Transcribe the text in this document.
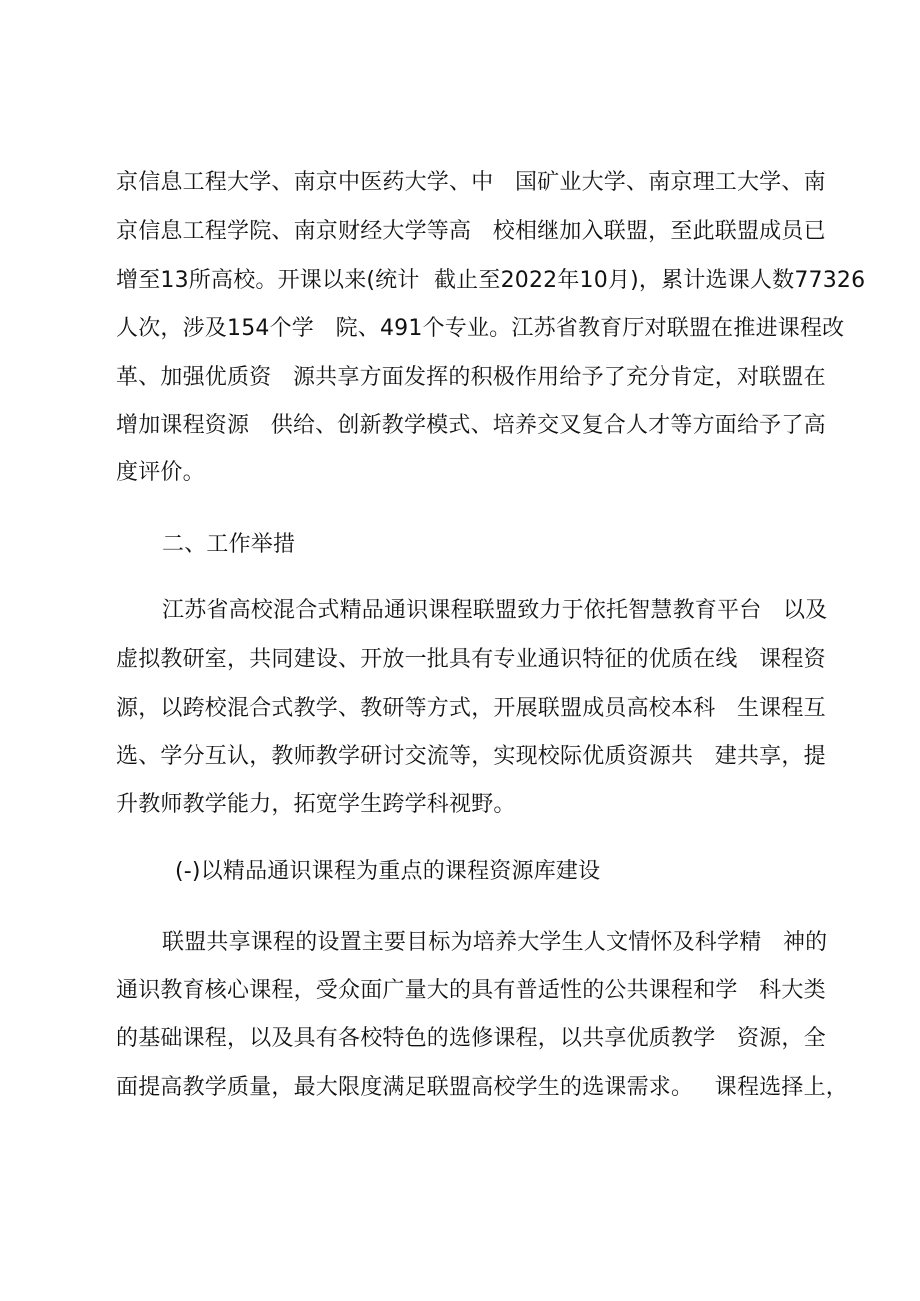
京信息工程大学、南京中医药大学、中   国矿业大学、南京理工大学、南
京信息工程学院、南京财经大学等高   校相继加入联盟，至此联盟成员已
增至13所高校。开课以来(统计  截止至2022年10月)，累计选课人数77326
人次，涉及154个学   院、491个专业。江苏省教育厅对联盟在推进课程改
革、加强优质资   源共享方面发挥的积极作用给予了充分肯定，对联盟在
增加课程资源   供给、创新教学模式、培养交叉复合人才等方面给予了高
度评价。
二、工作举措
江苏省高校混合式精品通识课程联盟致力于依托智慧教育平台   以及
虚拟教研室，共同建设、开放一批具有专业通识特征的优质在线   课程资
源，以跨校混合式教学、教研等方式，开展联盟成员高校本科   生课程互
选、学分互认，教师教学研讨交流等，实现校际优质资源共   建共享，提
升教师教学能力，拓宽学生跨学科视野。
(-)以精品通识课程为重点的课程资源库建设
联盟共享课程的设置主要目标为培养大学生人文情怀及科学精   神的
通识教育核心课程，受众面广量大的具有普适性的公共课程和学   科大类
的基础课程，以及具有各校特色的选修课程，以共享优质教学   资源，全
面提高教学质量，最大限度满足联盟高校学生的选课需求。   课程选择上，
